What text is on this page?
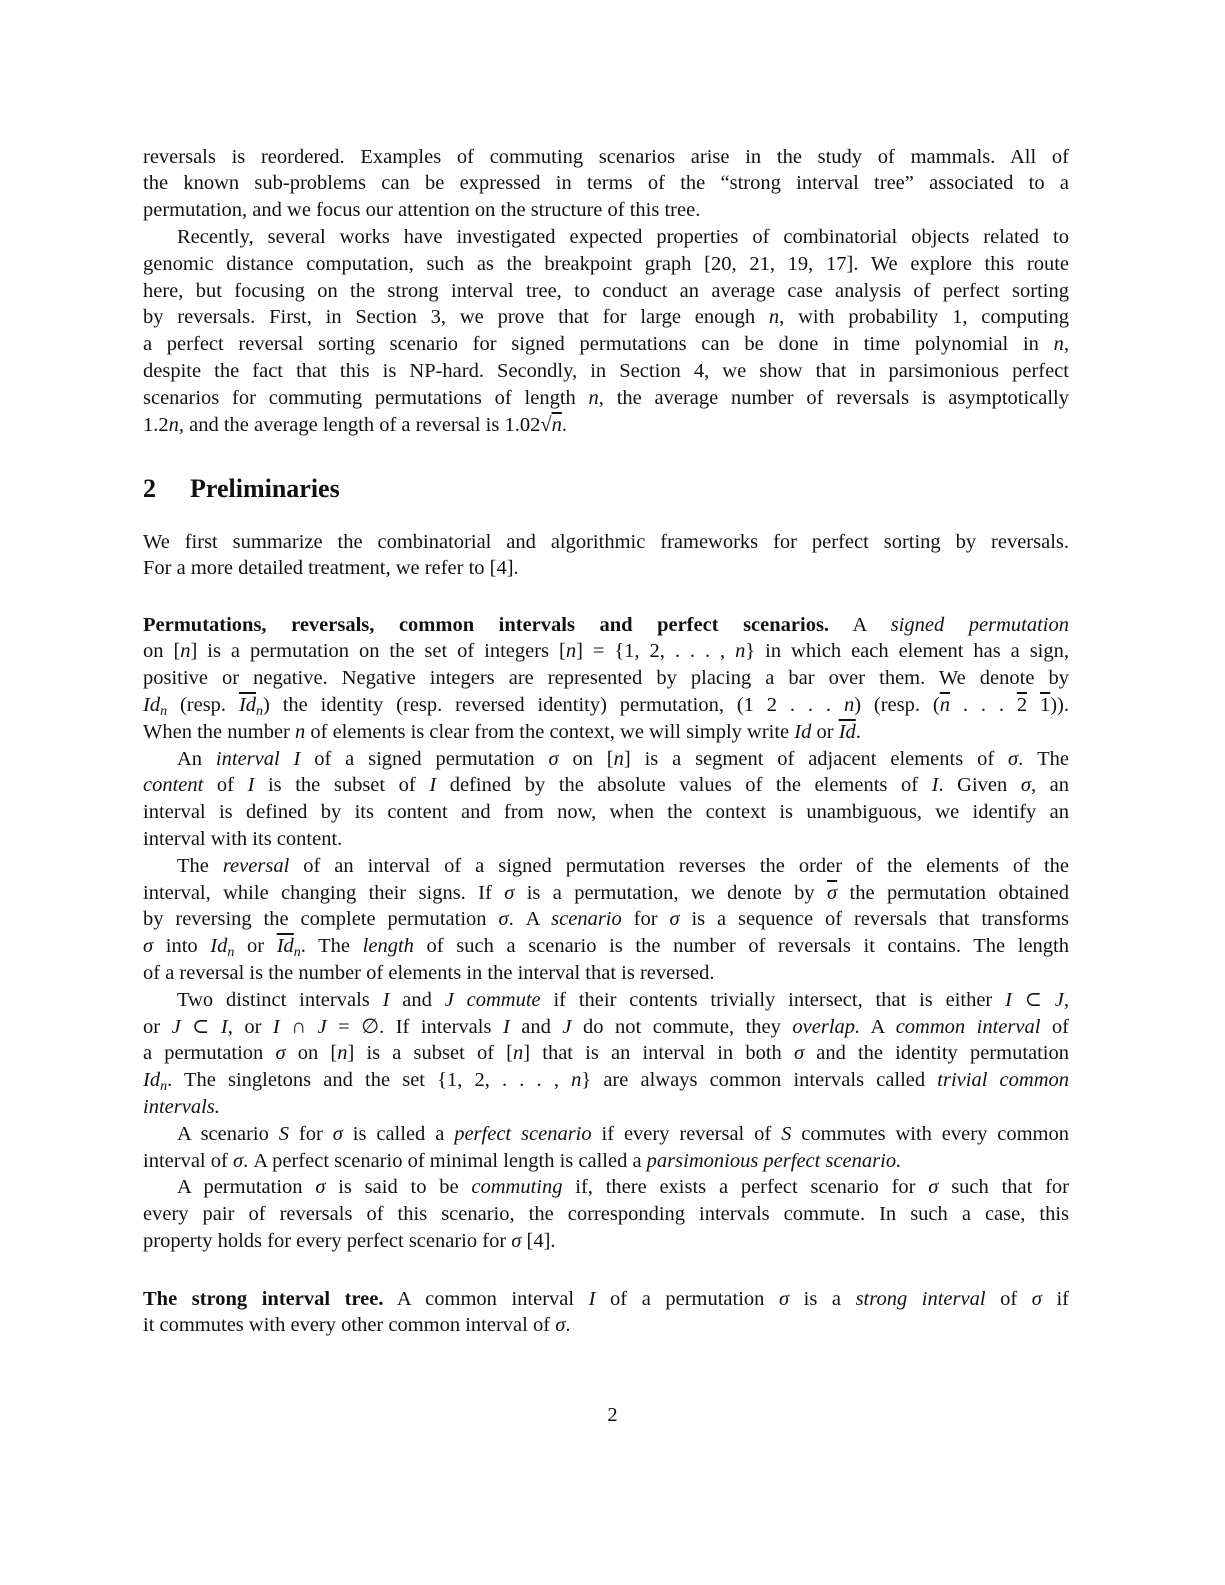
reversals is reordered. Examples of commuting scenarios arise in the study of mammals. All of
the known sub-problems can be expressed in terms of the “strong interval tree” associated to a
permutation, and we focus our attention on the structure of this tree.
Recently, several works have investigated expected properties of combinatorial objects related to
genomic distance computation, such as the breakpoint graph [20, 21, 19, 17]. We explore this route
here, but focusing on the strong interval tree, to conduct an average case analysis of perfect sorting
by reversals. First, in Section 3, we prove that for large enough n, with probability 1, computing
a perfect reversal sorting scenario for signed permutations can be done in time polynomial in n,
despite the fact that this is NP-hard. Secondly, in Section 4, we show that in parsimonious perfect
scenarios for commuting permutations of length n, the average number of reversals is asymptotically
1.2n, and the average length of a reversal is 1.02√n.
2 Preliminaries
We first summarize the combinatorial and algorithmic frameworks for perfect sorting by reversals.
For a more detailed treatment, we refer to [4].
Permutations, reversals, common intervals and perfect scenarios. A signed permutation
on [n] is a permutation on the set of integers [n] = {1, 2, . . . , n} in which each element has a sign,
positive or negative. Negative integers are represented by placing a bar over them. We denote by
$Id_n$ (resp. $\overline{Id}_n$) the identity (resp. reversed identity) permutation, (1 2 . . . n) (resp. ($\overline{n}$ . . . 2 1)).
When the number n of elements is clear from the context, we will simply write Id or $\overline{Id}$.
An interval I of a signed permutation σ on [n] is a segment of adjacent elements of σ. The
content of I is the subset of I defined by the absolute values of the elements of I. Given σ, an
interval is defined by its content and from now, when the context is unambiguous, we identify an
interval with its content.
The reversal of an interval of a signed permutation reverses the order of the elements of the
interval, while changing their signs. If σ is a permutation, we denote by $\overline{\sigma}$ the permutation obtained
by reversing the complete permutation σ. A scenario for σ is a sequence of reversals that transforms
σ into $Id_n$ or $\overline{Id}_n$. The length of such a scenario is the number of reversals it contains. The length
of a reversal is the number of elements in the interval that is reversed.
Two distinct intervals I and J commute if their contents trivially intersect, that is either I ⊂ J,
or J ⊂ I, or I ∩ J = ∅. If intervals I and J do not commute, they overlap. A common interval of
a permutation σ on [n] is a subset of [n] that is an interval in both σ and the identity permutation
$Id_n$. The singletons and the set {1, 2, . . . , n} are always common intervals called trivial common
intervals.
A scenario S for σ is called a perfect scenario if every reversal of S commutes with every common
interval of σ. A perfect scenario of minimal length is called a parsimonious perfect scenario.
A permutation σ is said to be commuting if, there exists a perfect scenario for σ such that for
every pair of reversals of this scenario, the corresponding intervals commute. In such a case, this
property holds for every perfect scenario for σ [4].
The strong interval tree. A common interval I of a permutation σ is a strong interval of σ if
it commutes with every other common interval of σ.
2
